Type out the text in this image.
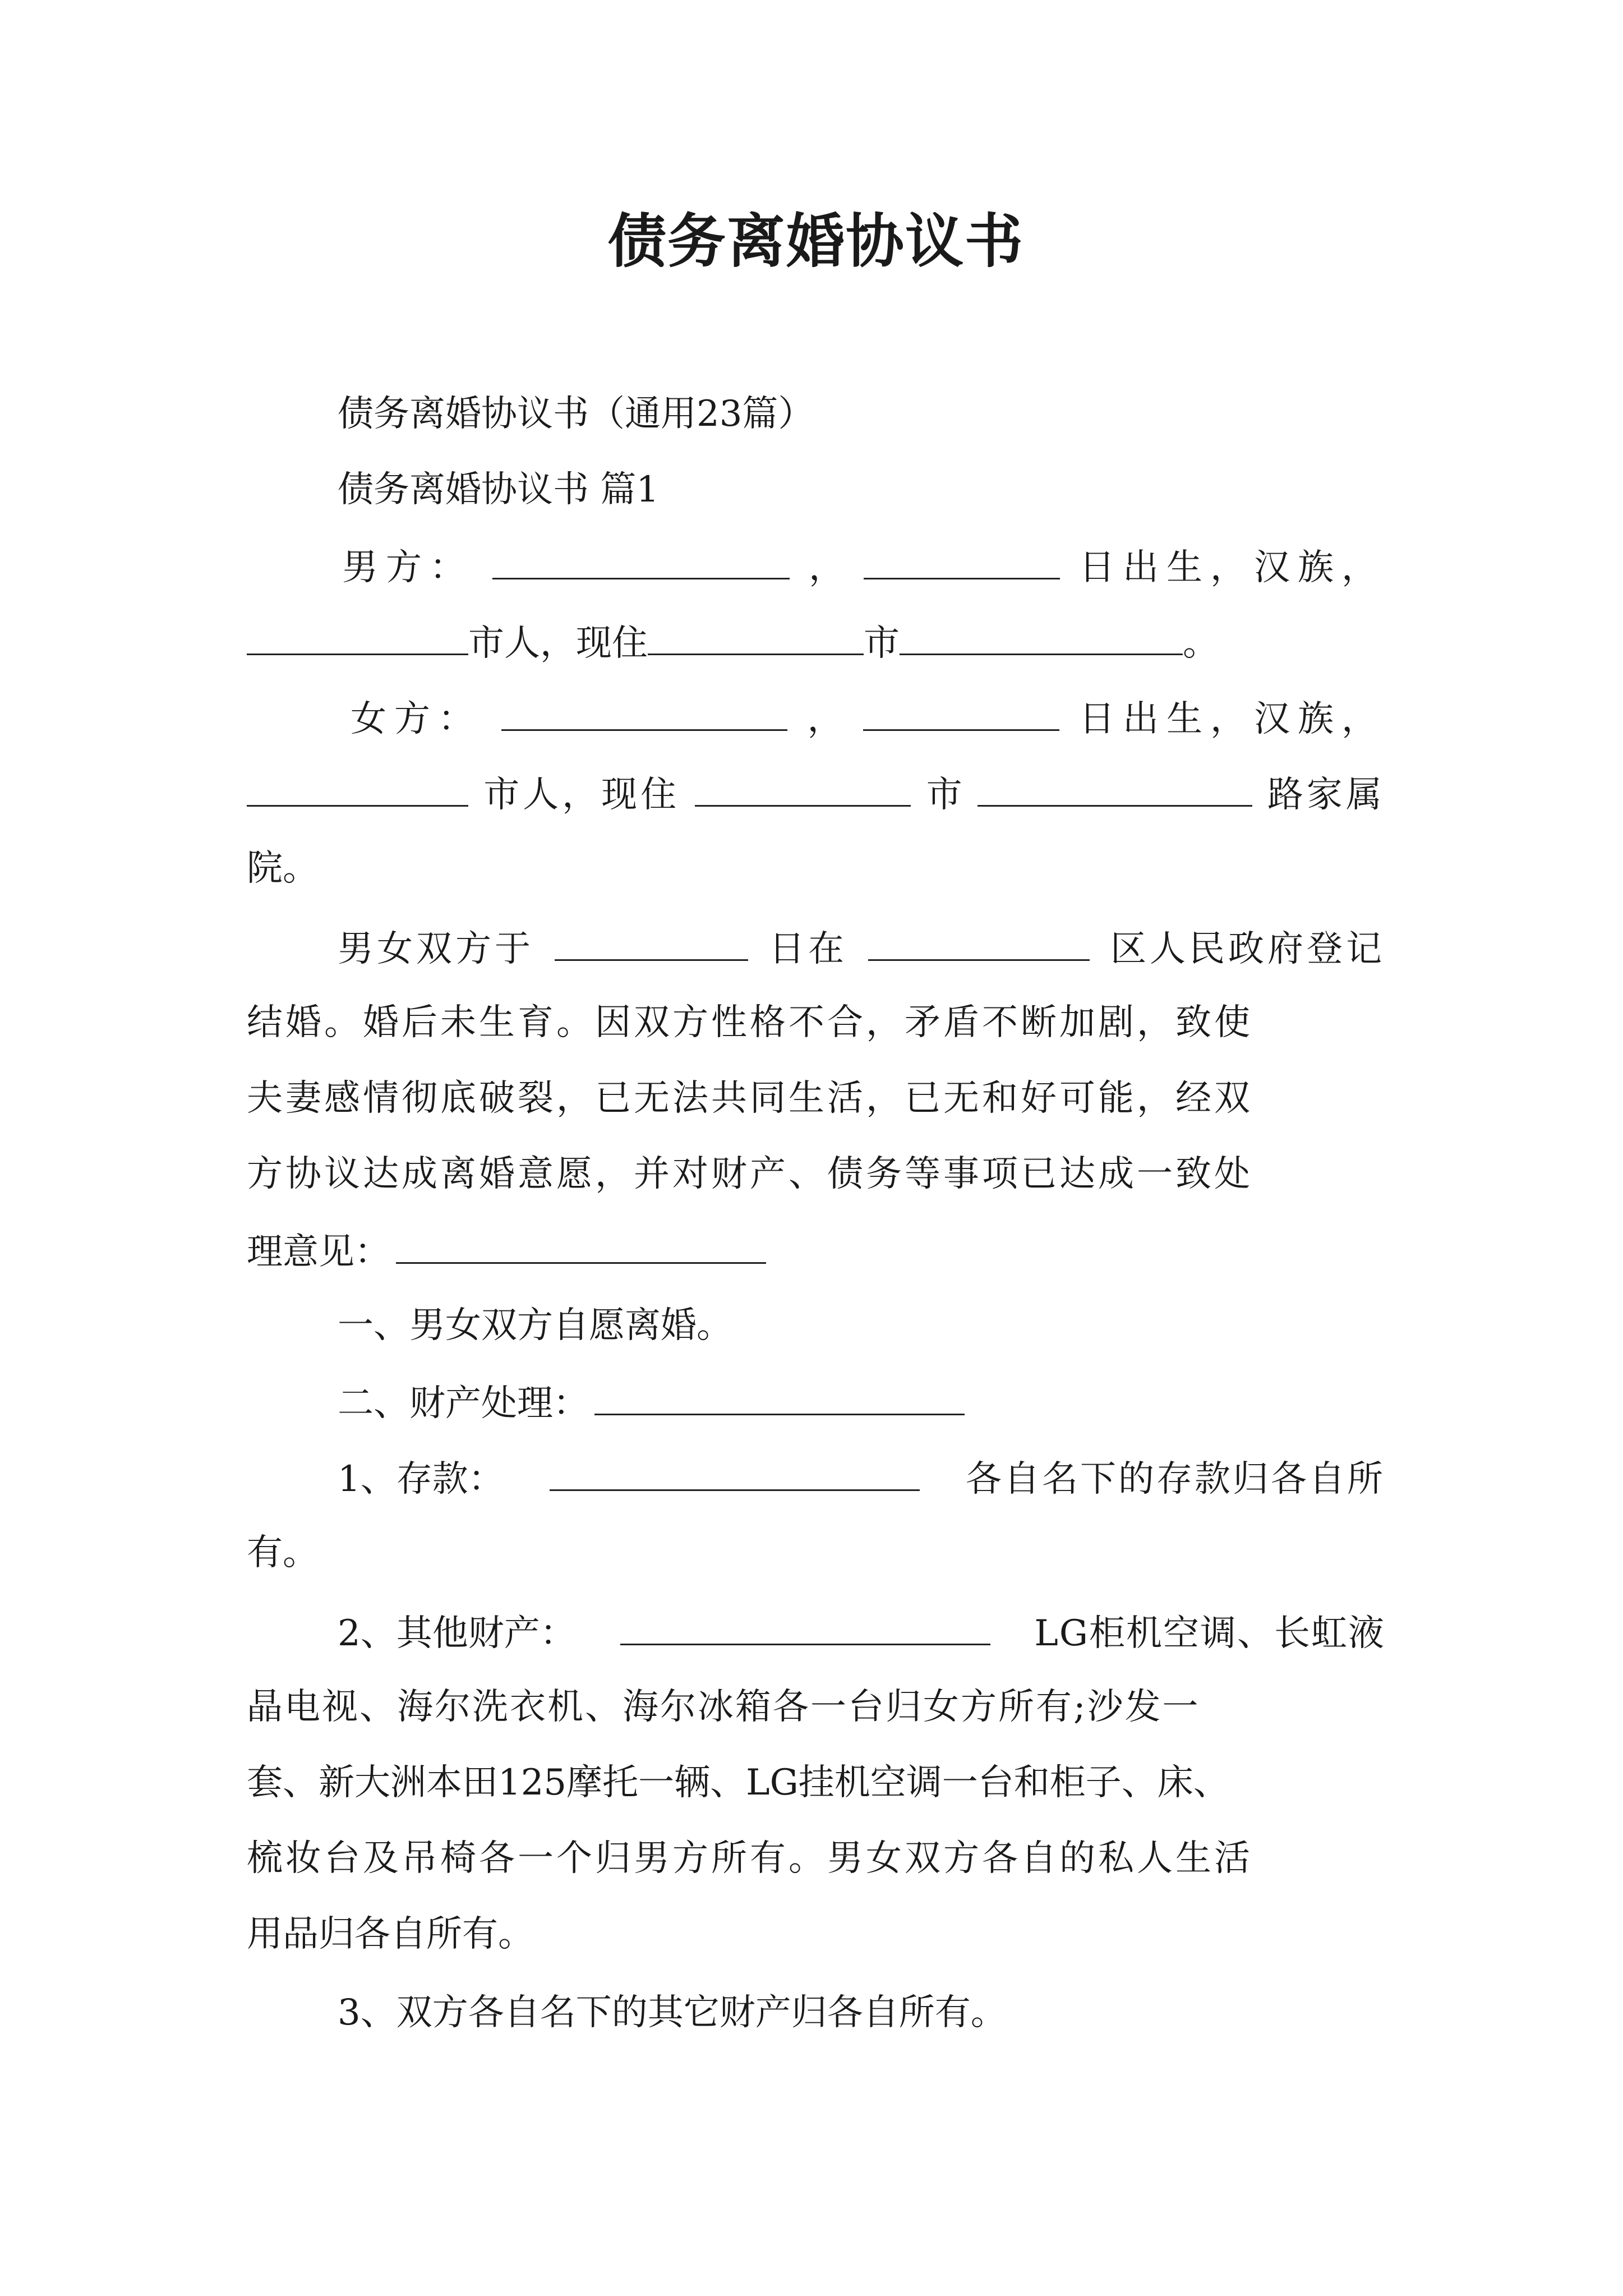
债务离婚协议书
债务离婚协议书（通用23篇）
债务离婚协议书 篇1
男方：	，	日出生，汉族，
市人，现住	市	。
女方：	，	日出生，汉族，
市人，现住	市	路家属
院。
男女双方于	日在	区人民政府登记
结婚。婚后未生育。因双方性格不合，矛盾不断加剧，致使
夫妻感情彻底破裂，已无法共同生活，已无和好可能，经双
方协议达成离婚意愿，并对财产、债务等事项已达成一致处
理意见：
一、男女双方自愿离婚。
二、财产处理：
1、存款：	各自名下的存款归各自所
有。
2、其他财产：	LG柜机空调、长虹液
晶电视、海尔洗衣机、海尔冰箱各一台归女方所有;沙发一
套、新大洲本田125摩托一辆、LG挂机空调一台和柜子、床、
梳妆台及吊椅各一个归男方所有。男女双方各自的私人生活
用品归各自所有。
3、双方各自名下的其它财产归各自所有。
